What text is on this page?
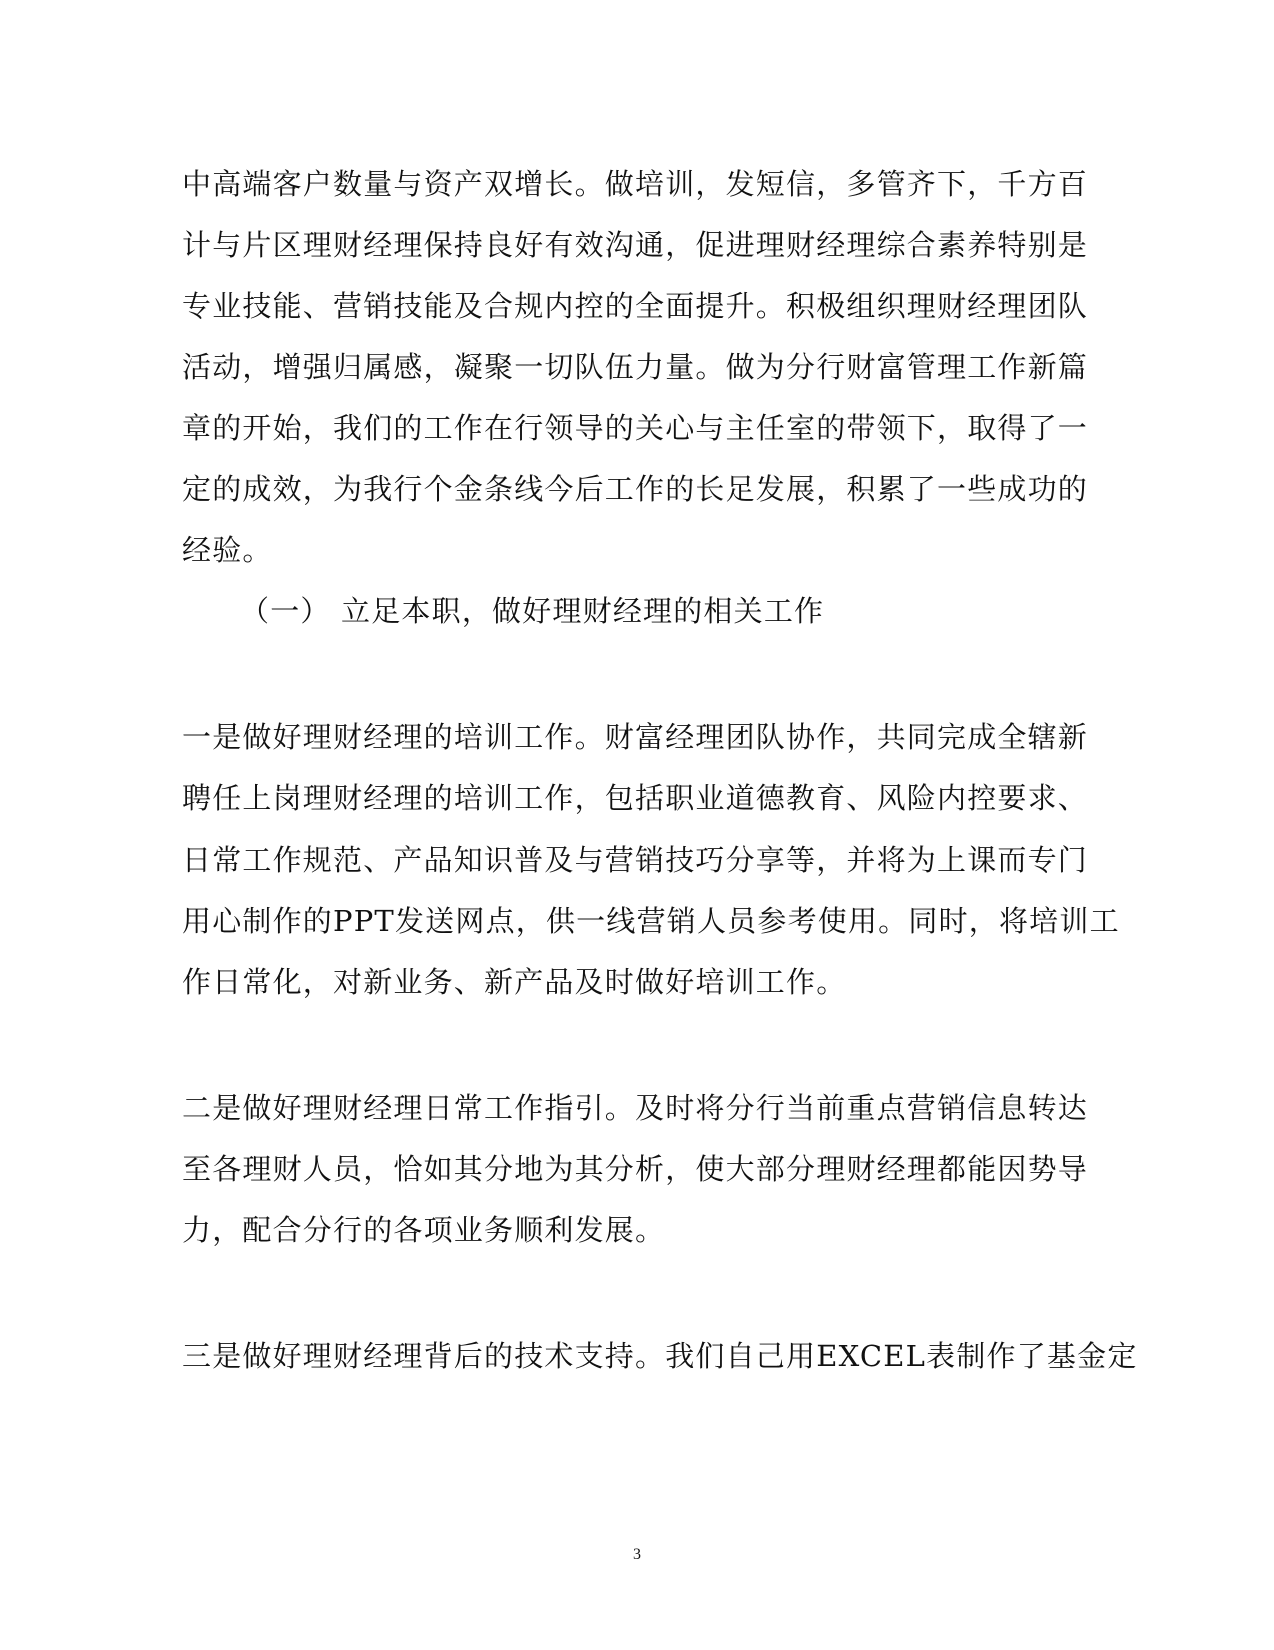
中高端客户数量与资产双增长。做培训，发短信，多管齐下，千方百
计与片区理财经理保持良好有效沟通，促进理财经理综合素养特别是
专业技能、营销技能及合规内控的全面提升。积极组织理财经理团队
活动，增强归属感，凝聚一切队伍力量。做为分行财富管理工作新篇
章的开始，我们的工作在行领导的关心与主任室的带领下，取得了一
定的成效，为我行个金条线今后工作的长足发展，积累了一些成功的
经验。
（一） 立足本职，做好理财经理的相关工作
一是做好理财经理的培训工作。财富经理团队协作，共同完成全辖新
聘任上岗理财经理的培训工作，包括职业道德教育、风险内控要求、
日常工作规范、产品知识普及与营销技巧分享等，并将为上课而专门
用心制作的PPT发送网点，供一线营销人员参考使用。同时，将培训工
作日常化，对新业务、新产品及时做好培训工作。
二是做好理财经理日常工作指引。及时将分行当前重点营销信息转达
至各理财人员，恰如其分地为其分析，使大部分理财经理都能因势导
力，配合分行的各项业务顺利发展。
三是做好理财经理背后的技术支持。我们自己用EXCEL表制作了基金定
3
